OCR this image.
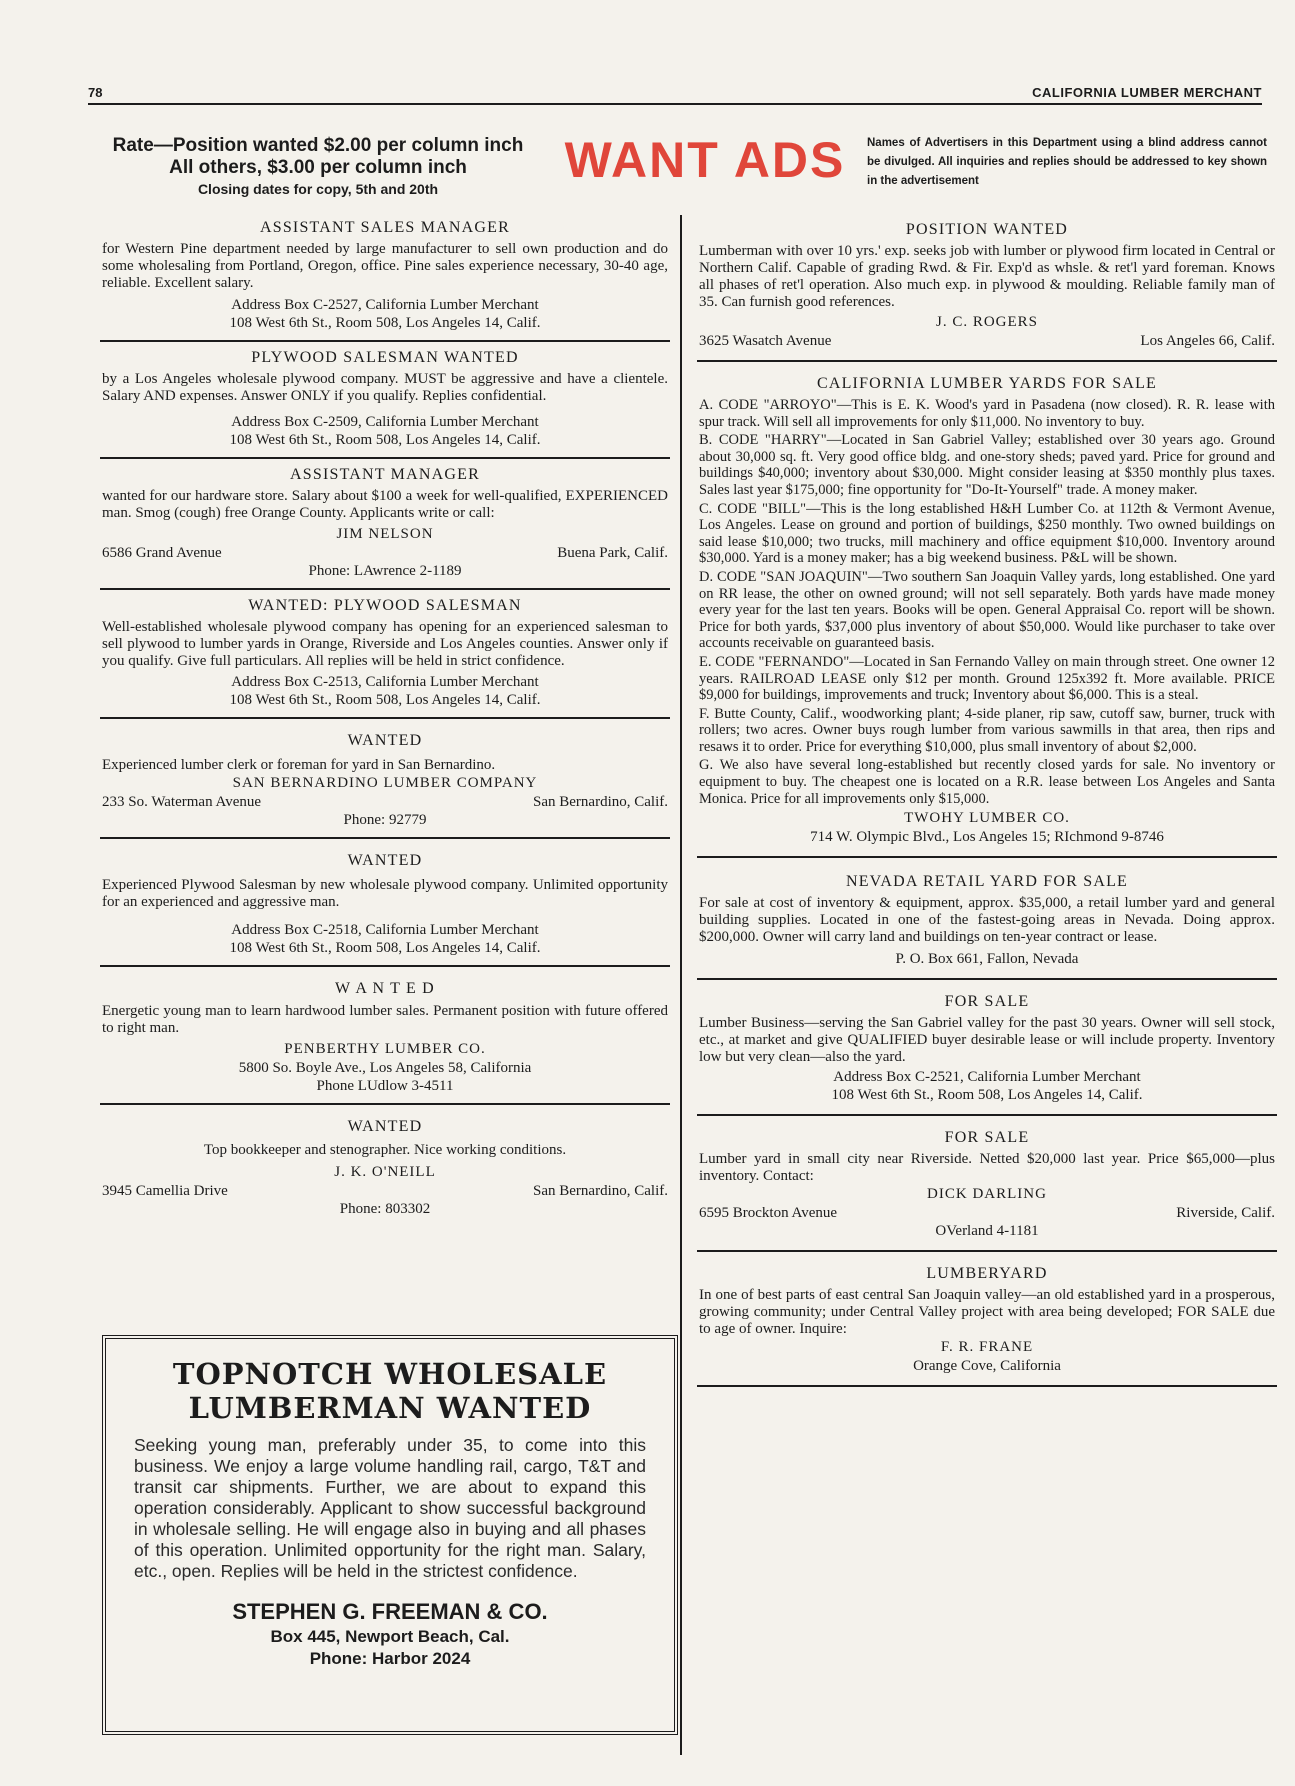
78	CALIFORNIA LUMBER MERCHANT
Rate—Position wanted $2.00 per column inch
All others, $3.00 per column inch
Closing dates for copy, 5th and 20th
WANT ADS	Names of Advertisers in this Department using a blind address cannot be divulged. All inquiries and replies should be addressed to key shown in the advertisement
ASSISTANT SALES MANAGER
for Western Pine department needed by large manufacturer to sell own production and do some wholesaling from Portland, Oregon, office. Pine sales experience necessary, 30-40 age, reliable. Excellent salary.
Address Box C-2527, California Lumber Merchant
108 West 6th St., Room 508, Los Angeles 14, Calif.
PLYWOOD SALESMAN WANTED
by a Los Angeles wholesale plywood company. MUST be aggressive and have a clientele. Salary AND expenses. Answer ONLY if you qualify. Replies confidential.
Address Box C-2509, California Lumber Merchant
108 West 6th St., Room 508, Los Angeles 14, Calif.
ASSISTANT MANAGER
wanted for our hardware store. Salary about $100 a week for well-qualified, EXPERIENCED man. Smog (cough) free Orange County. Applicants write or call:
JIM NELSON
6586 Grand Avenue	Buena Park, Calif.
Phone: LAwrence 2-1189
WANTED: PLYWOOD SALESMAN
Well-established wholesale plywood company has opening for an experienced salesman to sell plywood to lumber yards in Orange, Riverside and Los Angeles counties. Answer only if you qualify. Give full particulars. All replies will be held in strict confidence.
Address Box C-2513, California Lumber Merchant
108 West 6th St., Room 508, Los Angeles 14, Calif.
WANTED
Experienced lumber clerk or foreman for yard in San Bernardino.
SAN BERNARDINO LUMBER COMPANY
233 So. Waterman Avenue	San Bernardino, Calif.
Phone: 92779
WANTED
Experienced Plywood Salesman by new wholesale plywood company. Unlimited opportunity for an experienced and aggressive man.
Address Box C-2518, California Lumber Merchant
108 West 6th St., Room 508, Los Angeles 14, Calif.
W A N T E D
Energetic young man to learn hardwood lumber sales. Permanent position with future offered to right man.
PENBERTHY LUMBER CO.
5800 So. Boyle Ave., Los Angeles 58, California
Phone LUdlow 3-4511
WANTED
Top bookkeeper and stenographer. Nice working conditions.
J. K. O'NEILL
3945 Camellia Drive	San Bernardino, Calif.
Phone: 803302
TOPNOTCH WHOLESALE
LUMBERMAN WANTED
Seeking young man, preferably under 35, to come into this business. We enjoy a large volume handling rail, cargo, T&T and transit car shipments. Further, we are about to expand this operation considerably. Applicant to show successful background in wholesale selling. He will engage also in buying and all phases of this operation. Unlimited opportunity for the right man. Salary, etc., open. Replies will be held in the strictest confidence.
STEPHEN G. FREEMAN & CO.
Box 445, Newport Beach, Cal.
Phone: Harbor 2024
POSITION WANTED
Lumberman with over 10 yrs.' exp. seeks job with lumber or plywood firm located in Central or Northern Calif. Capable of grading Rwd. & Fir. Exp'd as whsle. & ret'l yard foreman. Knows all phases of ret'l operation. Also much exp. in plywood & moulding. Reliable family man of 35. Can furnish good references.
J. C. ROGERS
3625 Wasatch Avenue	Los Angeles 66, Calif.
CALIFORNIA LUMBER YARDS FOR SALE
A. CODE "ARROYO"—This is E. K. Wood's yard in Pasadena (now closed). R. R. lease with spur track. Will sell all improvements for only $11,000. No inventory to buy.
B. CODE "HARRY"—Located in San Gabriel Valley; established over 30 years ago. Ground about 30,000 sq. ft. Very good office bldg. and one-story sheds; paved yard. Price for ground and buildings $40,000; inventory about $30,000. Might consider leasing at $350 monthly plus taxes. Sales last year $175,000; fine opportunity for "Do-It-Yourself" trade. A money maker.
C. CODE "BILL"—This is the long established H&H Lumber Co. at 112th & Vermont Avenue, Los Angeles. Lease on ground and portion of buildings, $250 monthly. Two owned buildings on said lease $10,000; two trucks, mill machinery and office equipment $10,000. Inventory around $30,000. Yard is a money maker; has a big weekend business. P&L will be shown.
D. CODE "SAN JOAQUIN"—Two southern San Joaquin Valley yards, long established. One yard on RR lease, the other on owned ground; will not sell separately. Both yards have made money every year for the last ten years. Books will be open. General Appraisal Co. report will be shown. Price for both yards, $37,000 plus inventory of about $50,000. Would like purchaser to take over accounts receivable on guaranteed basis.
E. CODE "FERNANDO"—Located in San Fernando Valley on main through street. One owner 12 years. RAILROAD LEASE only $12 per month. Ground 125x392 ft. More available. PRICE $9,000 for buildings, improvements and truck; Inventory about $6,000. This is a steal.
F. Butte County, Calif., woodworking plant; 4-side planer, rip saw, cutoff saw, burner, truck with rollers; two acres. Owner buys rough lumber from various sawmills in that area, then rips and resaws it to order. Price for everything $10,000, plus small inventory of about $2,000.
G. We also have several long-established but recently closed yards for sale. No inventory or equipment to buy. The cheapest one is located on a R.R. lease between Los Angeles and Santa Monica. Price for all improvements only $15,000.
TWOHY LUMBER CO.
714 W. Olympic Blvd., Los Angeles 15; RIchmond 9-8746
NEVADA RETAIL YARD FOR SALE
For sale at cost of inventory & equipment, approx. $35,000, a retail lumber yard and general building supplies. Located in one of the fastest-going areas in Nevada. Doing approx. $200,000. Owner will carry land and buildings on ten-year contract or lease.
P. O. Box 661, Fallon, Nevada
FOR SALE
Lumber Business—serving the San Gabriel valley for the past 30 years. Owner will sell stock, etc., at market and give QUALIFIED buyer desirable lease or will include property. Inventory low but very clean—also the yard.
Address Box C-2521, California Lumber Merchant
108 West 6th St., Room 508, Los Angeles 14, Calif.
FOR SALE
Lumber yard in small city near Riverside. Netted $20,000 last year. Price $65,000—plus inventory. Contact:
DICK DARLING
6595 Brockton Avenue	Riverside, Calif.
OVerland 4-1181
LUMBERYARD
In one of best parts of east central San Joaquin valley—an old established yard in a prosperous, growing community; under Central Valley project with area being developed; FOR SALE due to age of owner. Inquire:
F. R. FRANE
Orange Cove, California
